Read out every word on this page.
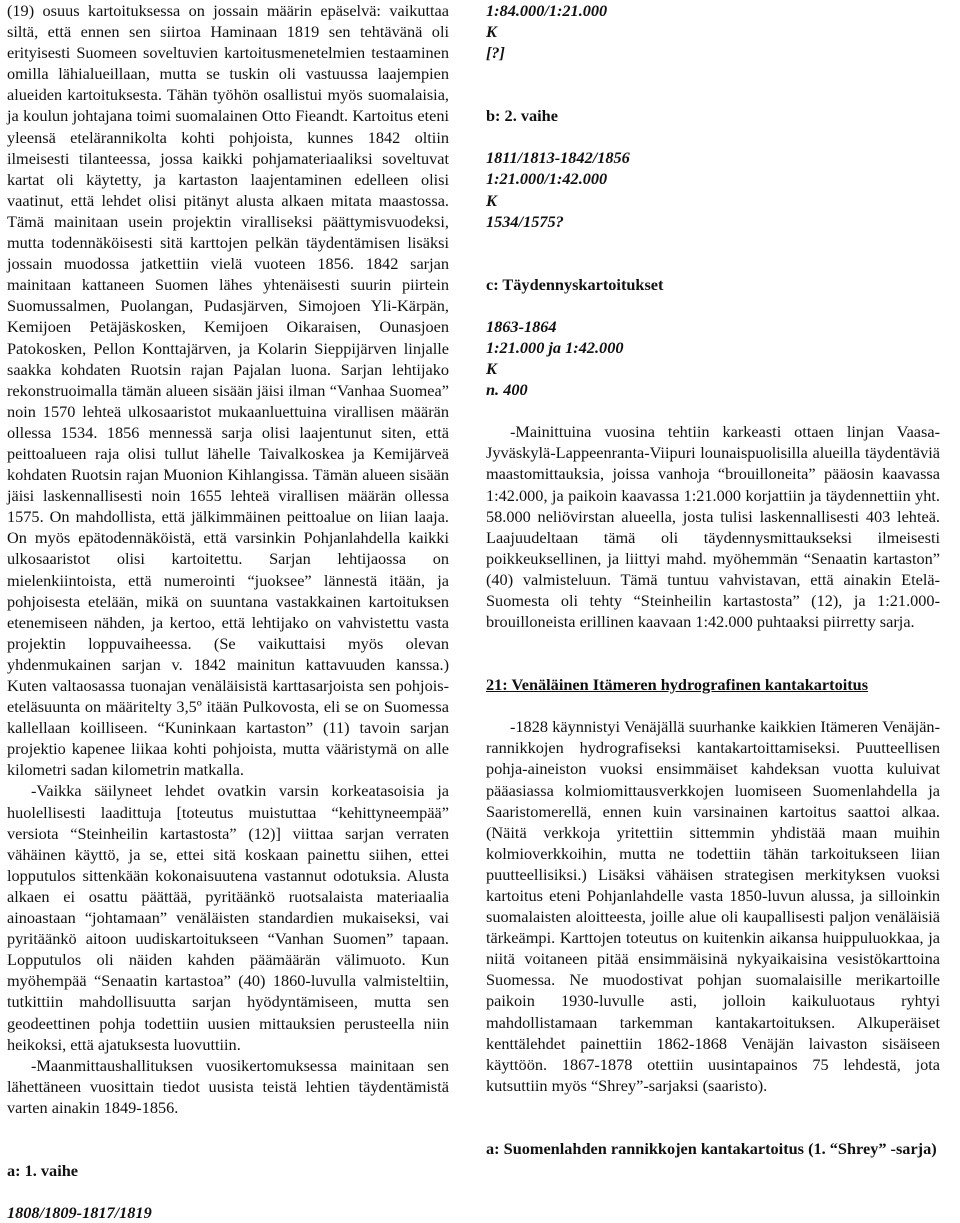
(19) osuus kartoituksessa on jossain määrin epäselvä: vaikuttaa siltä, että ennen sen siirtoa Haminaan 1819 sen tehtävänä oli erityisesti Suomeen soveltuvien kartoitusmenetelmien testaaminen omilla lähialueillaan, mutta se tuskin oli vastuussa laajempien alueiden kartoituksesta. Tähän työhön osallistui myös suomalaisia, ja koulun johtajana toimi suomalainen Otto Fieandt. Kartoitus eteni yleensä etelärannikolta kohti pohjoista, kunnes 1842 oltiin ilmeisesti tilanteessa, jossa kaikki pohjamateriaaliksi soveltuvat kartat oli käytetty, ja kartaston laajentaminen edelleen olisi vaatinut, että lehdet olisi pitänyt alusta alkaen mitata maastossa. Tämä mainitaan usein projektin viralliseksi päättymisvuodeksi, mutta todennäköisesti sitä karttojen pelkän täydentämisen lisäksi jossain muodossa jatkettiin vielä vuoteen 1856. 1842 sarjan mainitaan kattaneen Suomen lähes yhtenäisesti suurin piirtein Suomussalmen, Puolangan, Pudasjärven, Simojoen Yli-Kärpän, Kemijoen Petäjäskosken, Kemijoen Oikaraisen, Ounasjoen Patokosken, Pellon Konttajärven, ja Kolarin Sieppijärven linjalle saakka kohdaten Ruotsin rajan Pajalan luona. Sarjan lehtijako rekonstruoimalla tämän alueen sisään jäisi ilman “Vanhaa Suomea” noin 1570 lehteä ulkosaaristot mukaanluettuina virallisen määrän ollessa 1534. 1856 mennessä sarja olisi laajentunut siten, että peittoalueen raja olisi tullut lähelle Taivalkoskea ja Kemijärveä kohdaten Ruotsin rajan Muonion Kihlangissa. Tämän alueen sisään jäisi laskennallisesti noin 1655 lehteä virallisen määrän ollessa 1575. On mahdollista, että jälkimmäinen peittoalue on liian laaja. On myös epätodennäköistä, että varsinkin Pohjanlahdella kaikki ulkosaaristot olisi kartoitettu. Sarjan lehtijaossa on mielenkiintoista, että numerointi “juoksee” lännestä itään, ja pohjoisesta etelään, mikä on suuntana vastakkainen kartoituksen etenemiseen nähden, ja kertoo, että lehtijako on vahvistettu vasta projektin loppuvaiheessa. (Se vaikuttaisi myös olevan yhdenmukainen sarjan v. 1842 mainitun kattavuuden kanssa.) Kuten valtaosassa tuonajan venäläisistä karttasarjoista sen pohjois-eteläsuunta on määritelty 3,5º itään Pulkovosta, eli se on Suomessa kallellaan koilliseen. “Kuninkaan kartaston” (11) tavoin sarjan projektio kapenee liikaa kohti pohjoista, mutta vääristymä on alle kilometri sadan kilometrin matkalla.

-Vaikka säilyneet lehdet ovatkin varsin korkeatasoisia ja huolellisesti laadittuja [toteutus muistuttaa “kehittyneempää” versiota “Steinheilin kartastosta” (12)] viittaa sarjan verraten vähäinen käyttö, ja se, ettei sitä koskaan painettu siihen, ettei lopputulos sittenkään kokonaisuutena vastannut odotuksia. Alusta alkaen ei osattu päättää, pyritäänkö ruotsalaista materiaalia ainoastaan “johtamaan” venäläisten standardien mukaiseksi, vai pyritäänkö aitoon uudiskartoitukseen “Vanhan Suomen” tapaan. Lopputulos oli näiden kahden päämäärän välimuoto. Kun myöhempää “Senaatin kartastoa” (40) 1860-luvulla valmisteltiin, tutkittiin mahdollisuutta sarjan hyödyntämiseen, mutta sen geodeettinen pohja todettiin uusien mittauksien perusteella niin heikoksi, että ajatuksesta luovuttiin.

-Maanmittaushallituksen vuosikertomuksessa mainitaan sen lähettäneen vuosittain tiedot uusista teistä lehtien täydentämistä varten ainakin 1849-1856.

a: 1. vaihe

1808/1809-1817/1819

1:84.000/1:21.000

K

[?]

b: 2. vaihe

1811/1813-1842/1856

1:21.000/1:42.000

K

1534/1575?

c: Täydennyskartoitukset

1863-1864

1:21.000 ja 1:42.000

K

n. 400

-Mainittuina vuosina tehtiin karkeasti ottaen linjan Vaasa-Jyväskylä-Lappeenranta-Viipuri lounaispuolisilla alueilla täydentäviä maastomittauksia, joissa vanhoja “brouilloneita” pääosin kaavassa 1:42.000, ja paikoin kaavassa 1:21.000 korjattiin ja täydennettiin yht. 58.000 neliövirstan alueella, josta tulisi laskennallisesti 403 lehteä. Laajuudeltaan tämä oli täydennysmittaukseksi ilmeisesti poikkeuksellinen, ja liittyi mahd. myöhemmän “Senaatin kartaston” (40) valmisteluun. Tämä tuntuu vahvistavan, että ainakin Etelä-Suomesta oli tehty “Steinheilin kartastosta” (12), ja 1:21.000-brouilloneista erillinen kaavaan 1:42.000 puhtaaksi piirretty sarja.

21: Venäläinen Itämeren hydrografinen kantakartoitus

-1828 käynnistyi Venäjällä suurhanke kaikkien Itämeren Venäjän-rannikkojen hydrografiseksi kantakartoittamiseksi. Puutteellisen pohja-aineiston vuoksi ensimmäiset kahdeksan vuotta kuluivat pääasiassa kolmiomittausverkkojen luomiseen Suomenlahdella ja Saaristomerellä, ennen kuin varsinainen kartoitus saattoi alkaa. (Näitä verkkoja yritettiin sittemmin yhdistää maan muihin kolmioverkkoihin, mutta ne todettiin tähän tarkoitukseen liian puutteellisiksi.) Lisäksi vähäisen strategisen merkityksen vuoksi kartoitus eteni Pohjanlahdelle vasta 1850-luvun alussa, ja silloinkin suomalaisten aloitteesta, joille alue oli kaupallisesti paljon venäläisiä tärkeämpi. Karttojen toteutus on kuitenkin aikansa huippuluokkaa, ja niitä voitaneen pitää ensimmäisinä nykyaikaisina vesistökarttoina Suomessa. Ne muodostivat pohjan suomalaisille merikartoille paikoin 1930-luvulle asti, jolloin kaikuluotaus ryhtyi mahdollistamaan tarkemman kantakartoituksen. Alkuperäiset kenttälehdet painettiin 1862-1868 Venäjän laivaston sisäiseen käyttöön. 1867-1878 otettiin uusintapainos 75 lehdestä, jota kutsuttiin myös “Shrey”-sarjaksi (saaristo).

a: Suomenlahden rannikkojen kantakartoitus (1. “Shrey” -sarja)
